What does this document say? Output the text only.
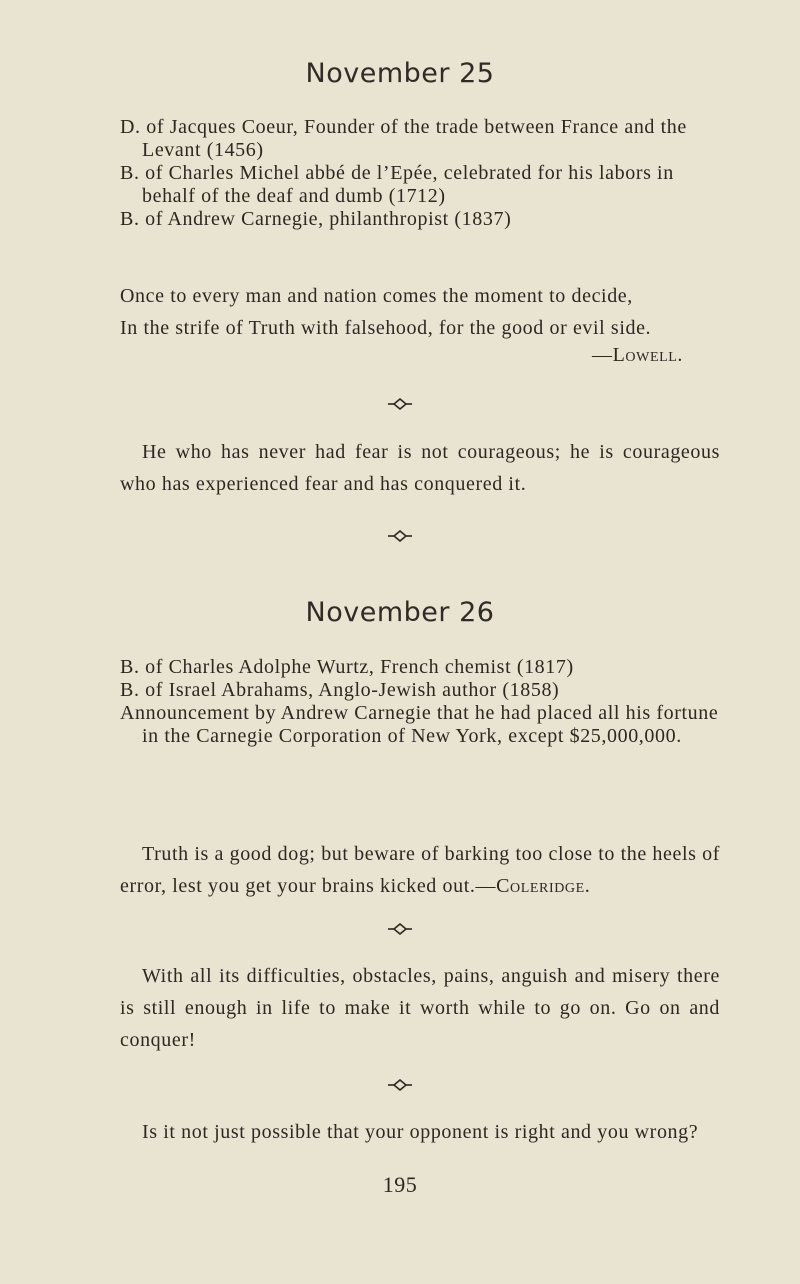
November 25

D. of Jacques Coeur, Founder of the trade between France and the Levant (1456)

B. of Charles Michel abbé de l’Epée, celebrated for his labors in behalf of the deaf and dumb (1712)

B. of Andrew Carnegie, philanthropist (1837)

Once to every man and nation comes the moment to decide,
In the strife of Truth with falsehood, for the good or evil side.
—Lowell.

He who has never had fear is not courageous; he is courageous who has experienced fear and has conquered it.

November 26

B. of Charles Adolphe Wurtz, French chemist (1817)

B. of Israel Abrahams, Anglo-Jewish author (1858)

Announcement by Andrew Carnegie that he had placed all his fortune in the Carnegie Corporation of New York, except $25,000,000.

Truth is a good dog; but beware of barking too close to the heels of error, lest you get your brains kicked out.—Coleridge.

With all its difficulties, obstacles, pains, anguish and misery there is still enough in life to make it worth while to go on. Go on and conquer!

Is it not just possible that your opponent is right and you wrong?

195
